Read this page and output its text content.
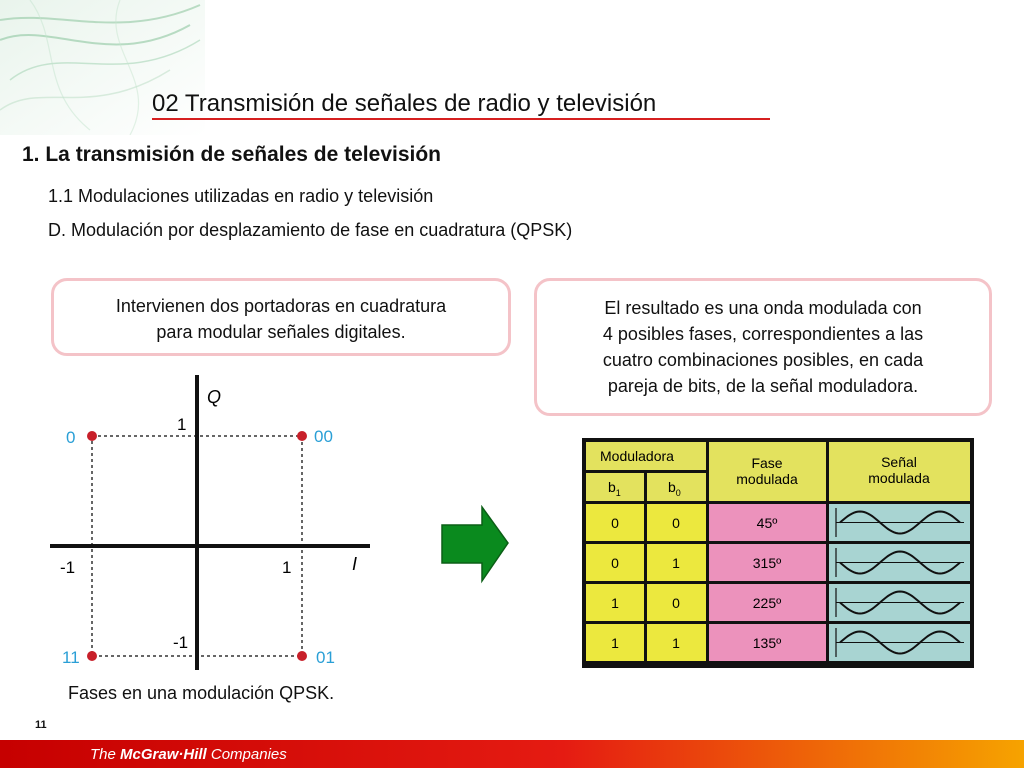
02 Transmisión de señales de radio y televisión
1. La transmisión de señales de televisión
1.1 Modulaciones utilizadas en radio y televisión
D. Modulación por desplazamiento de fase en cuadratura (QPSK)
Intervienen dos portadoras en cuadratura
para modular señales digitales.
El resultado es una onda modulada con
4 posibles fases, correspondientes a las
cuatro combinaciones posibles, en cada
pareja de bits, de la señal moduladora.
Q
I
1
-1
1
-1
0	00
11	01
Fases en una modulación QPSK.
Moduladora
$b_1$	$b_0$
Fase
modulada
Señal
modulada
0	0	45º
0	1	315º
1	0	225º
1	1	135º
11
The McGraw·Hill Companies
